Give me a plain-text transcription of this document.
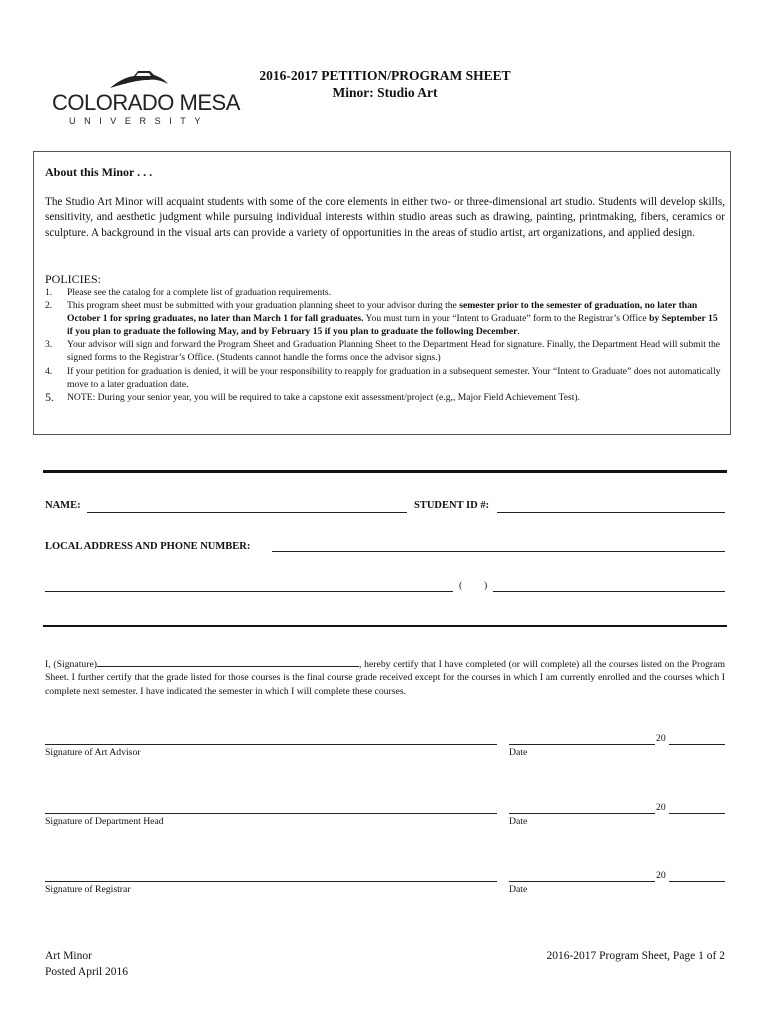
COLORADO MESA
UNIVERSITY
2016-2017 PETITION/PROGRAM SHEET
Minor: Studio Art
About this Minor . . .
The Studio Art Minor will acquaint students with some of the core elements in either two- or three-dimensional art studio. Students will develop skills, sensitivity, and aesthetic judgment while pursuing individual interests within studio areas such as drawing, painting, printmaking, fibers, ceramics or sculpture. A background in the visual arts can provide a variety of opportunities in the areas of studio artist, art organizations, and applied design.
POLICIES:
1.	Please see the catalog for a complete list of graduation requirements.
2.	This program sheet must be submitted with your graduation planning sheet to your advisor during the semester prior to the semester of graduation, no later than October 1 for spring graduates, no later than March 1 for fall graduates. You must turn in your “Intent to Graduate” form to the Registrar’s Office by September 15 if you plan to graduate the following May, and by February 15 if you plan to graduate the following December.
3.	Your advisor will sign and forward the Program Sheet and Graduation Planning Sheet to the Department Head for signature. Finally, the Department Head will submit the signed forms to the Registrar’s Office. (Students cannot handle the forms once the advisor signs.)
4.	If your petition for graduation is denied, it will be your responsibility to reapply for graduation in a subsequent semester. Your “Intent to Graduate” does not automatically move to a later graduation date.
5.	NOTE: During your senior year, you will be required to take a capstone exit assessment/project (e.g,, Major Field Achievement Test).
NAME:	STUDENT ID #:
LOCAL ADDRESS AND PHONE NUMBER:
( )
I, (Signature)	, hereby certify that I have completed (or will complete) all the courses listed on the Program Sheet. I further certify that the grade listed for those courses is the final course grade received except for the courses in which I am currently enrolled and the courses which I complete next semester. I have indicated the semester in which I will complete these courses.
Signature of Art Advisor
20
Date
Signature of Department Head
20
Date
Signature of Registrar
20
Date
Art Minor
Posted April 2016
2016-2017 Program Sheet, Page 1 of 2
